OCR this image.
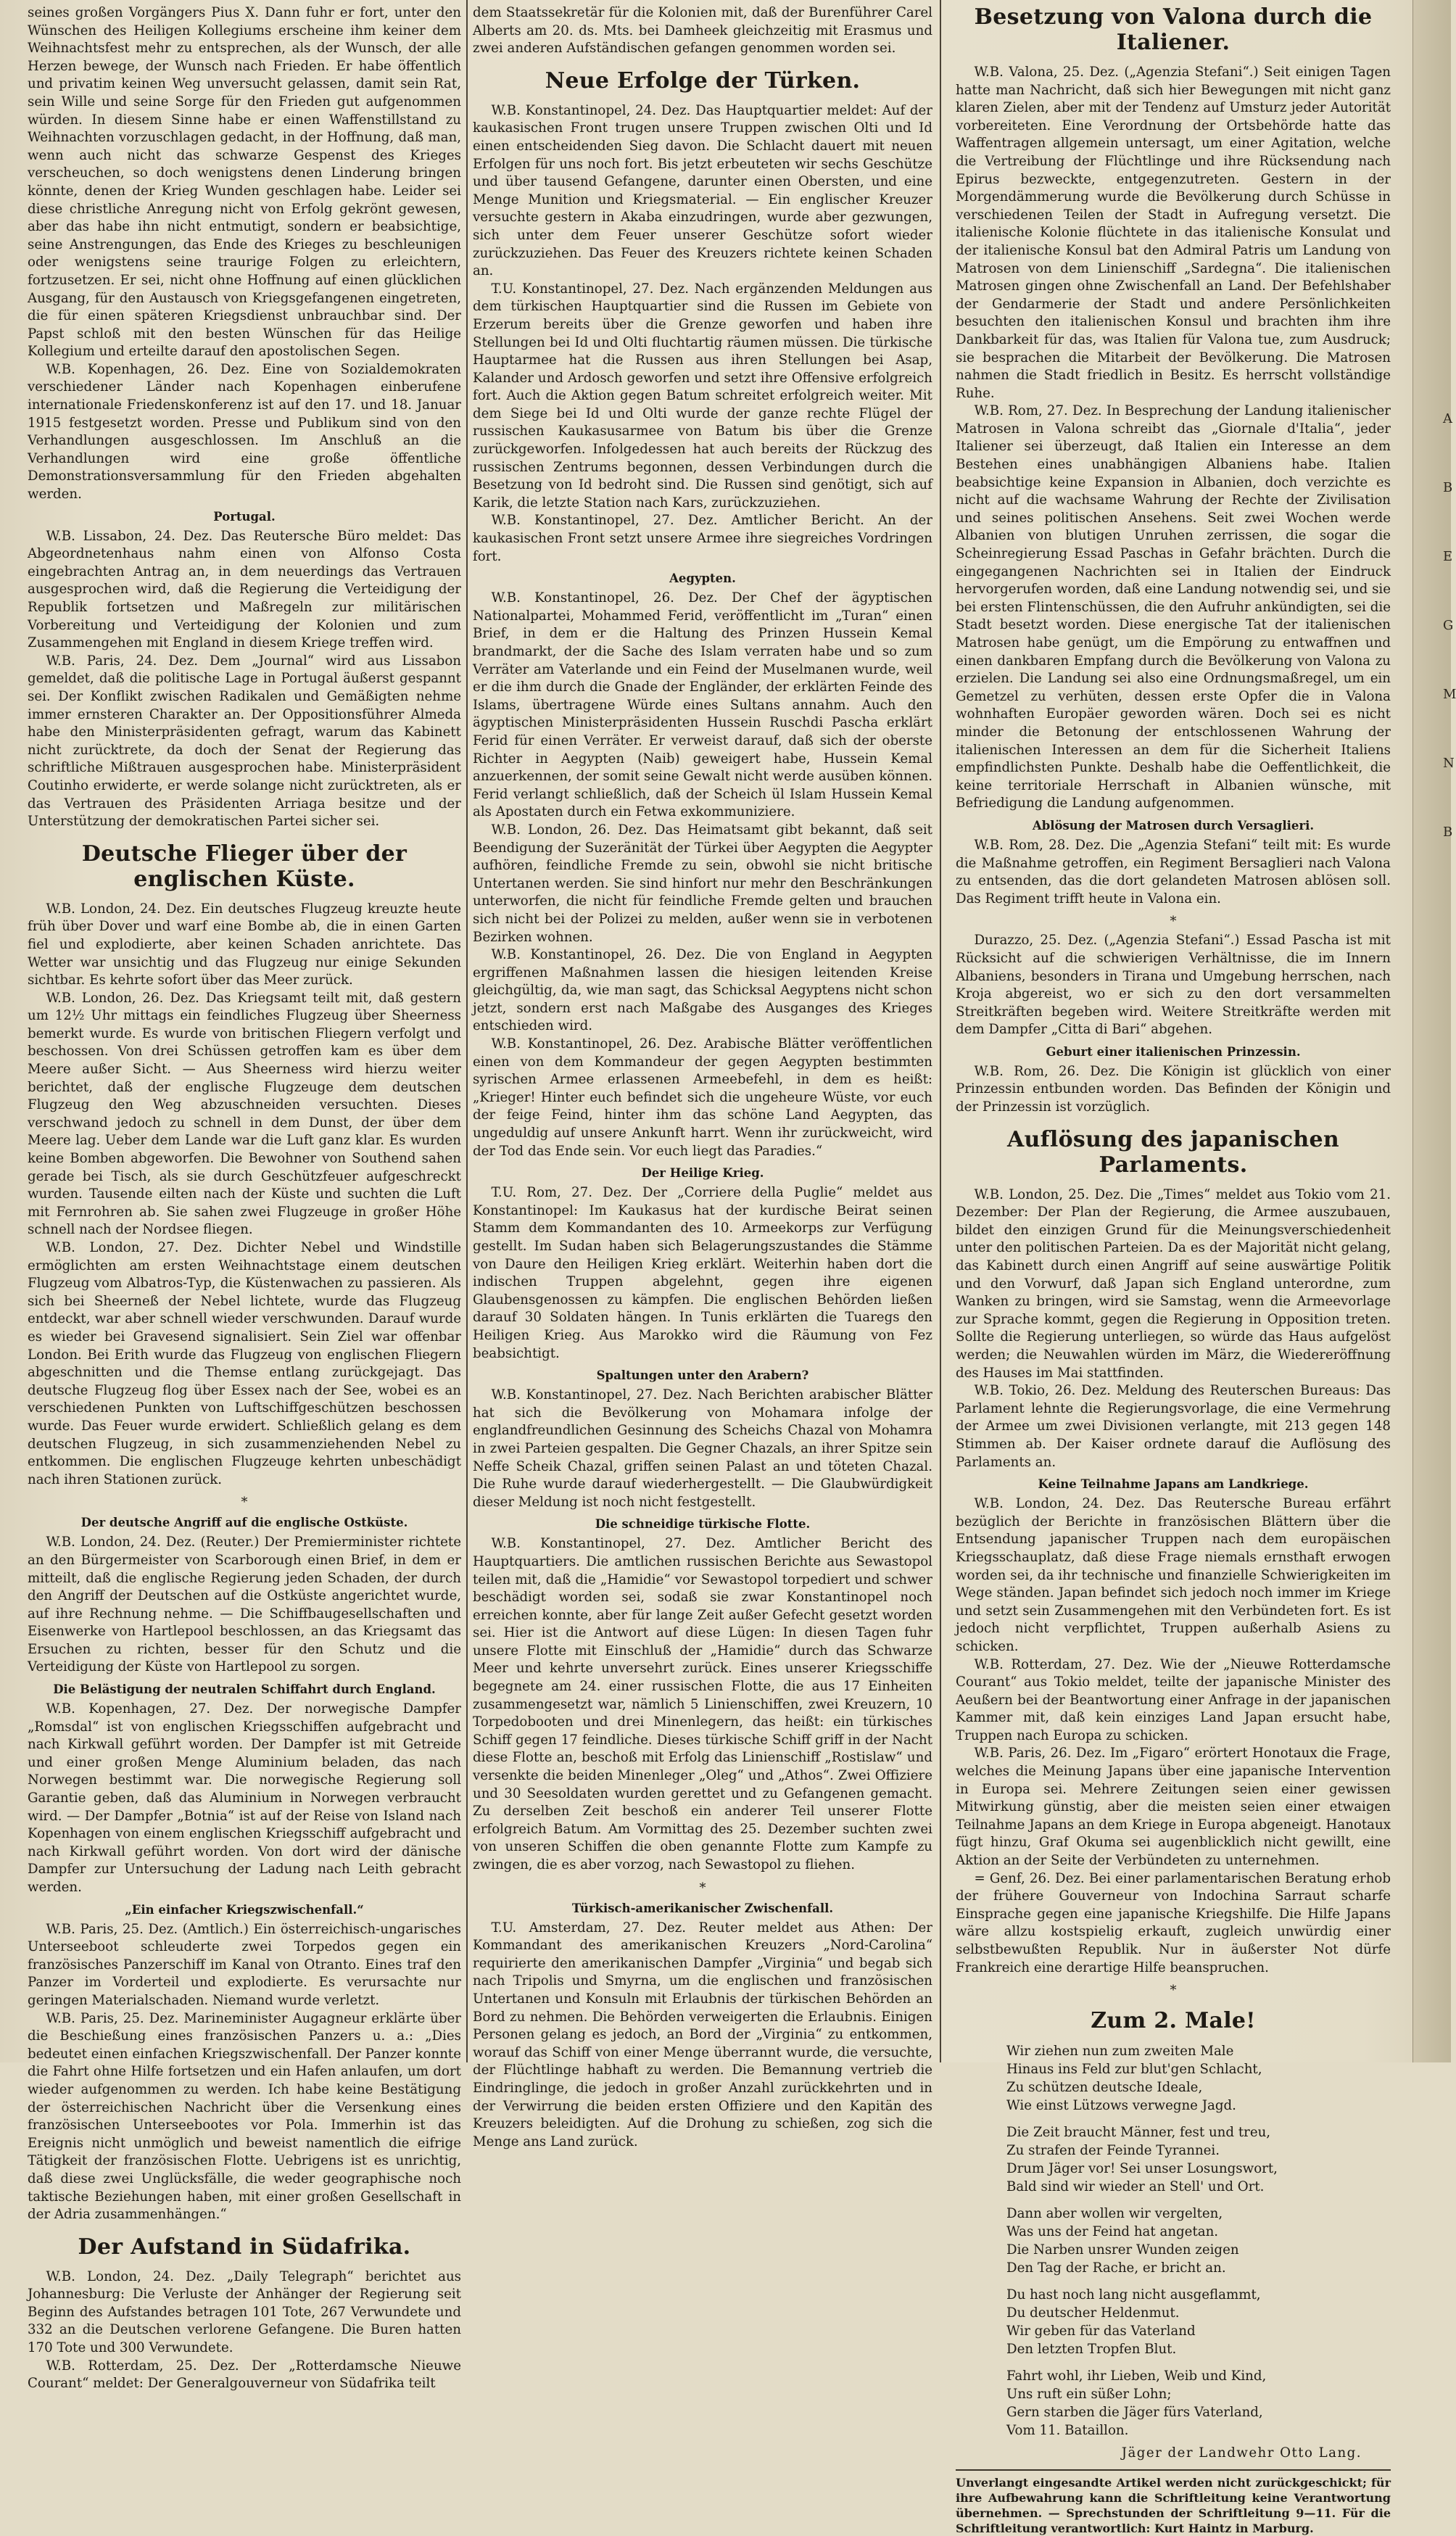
seines großen Vorgängers Pius X. Dann fuhr er fort, unter den Wünschen des Heiligen Kollegiums erscheine ihm keiner dem Weihnachtsfest mehr zu entsprechen, als der Wunsch, der alle Herzen bewege, der Wunsch nach Frieden. Er habe öffentlich und privatim keinen Weg unversucht gelassen, damit sein Rat, sein Wille und seine Sorge für den Frieden gut aufgenommen würden. In diesem Sinne habe er einen Waffenstillstand zu Weihnachten vorzuschlagen gedacht, in der Hoffnung, daß man, wenn auch nicht das schwarze Gespenst des Krieges verscheuchen, so doch wenigstens denen Linderung bringen könnte, denen der Krieg Wunden geschlagen habe. Leider sei diese christliche Anregung nicht von Erfolg gekrönt gewesen, aber das habe ihn nicht entmutigt, sondern er beabsichtige, seine Anstrengungen, das Ende des Krieges zu beschleunigen oder wenigstens seine traurige Folgen zu erleichtern, fortzusetzen. Er sei, nicht ohne Hoffnung auf einen glücklichen Ausgang, für den Austausch von Kriegsgefangenen eingetreten, die für einen späteren Kriegsdienst unbrauchbar sind. Der Papst schloß mit den besten Wünschen für das Heilige Kollegium und erteilte darauf den apostolischen Segen.

W.B. Kopenhagen, 26. Dez. Eine von Sozialdemokraten verschiedener Länder nach Kopenhagen einberufene internationale Friedenskonferenz ist auf den 17. und 18. Januar 1915 festgesetzt worden. Presse und Publikum sind von den Verhandlungen ausgeschlossen. Im Anschluß an die Verhandlungen wird eine große öffentliche Demonstrationsversammlung für den Frieden abgehalten werden.

Portugal.

W.B. Lissabon, 24. Dez. Das Reutersche Büro meldet: Das Abgeordnetenhaus nahm einen von Alfonso Costa eingebrachten Antrag an, in dem neuerdings das Vertrauen ausgesprochen wird, daß die Regierung die Verteidigung der Republik fortsetzen und Maßregeln zur militärischen Vorbereitung und Verteidigung der Kolonien und zum Zusammengehen mit England in diesem Kriege treffen wird.

W.B. Paris, 24. Dez. Dem „Journal“ wird aus Lissabon gemeldet, daß die politische Lage in Portugal äußerst gespannt sei. Der Konflikt zwischen Radikalen und Gemäßigten nehme immer ernsteren Charakter an. Der Oppositionsführer Almeda habe den Ministerpräsidenten gefragt, warum das Kabinett nicht zurücktrete, da doch der Senat der Regierung das schriftliche Mißtrauen ausgesprochen habe. Ministerpräsident Coutinho erwiderte, er werde solange nicht zurücktreten, als er das Vertrauen des Präsidenten Arriaga besitze und der Unterstützung der demokratischen Partei sicher sei.

Deutsche Flieger über der englischen Küste.

W.B. London, 24. Dez. Ein deutsches Flugzeug kreuzte heute früh über Dover und warf eine Bombe ab, die in einen Garten fiel und explodierte, aber keinen Schaden anrichtete. Das Wetter war unsichtig und das Flugzeug nur einige Sekunden sichtbar. Es kehrte sofort über das Meer zurück.

W.B. London, 26. Dez. Das Kriegsamt teilt mit, daß gestern um 12½ Uhr mittags ein feindliches Flugzeug über Sheerness bemerkt wurde. Es wurde von britischen Fliegern verfolgt und beschossen. Von drei Schüssen getroffen kam es über dem Meere außer Sicht. — Aus Sheerness wird hierzu weiter berichtet, daß der englische Flugzeuge dem deutschen Flugzeug den Weg abzuschneiden versuchten. Dieses verschwand jedoch zu schnell in dem Dunst, der über dem Meere lag. Ueber dem Lande war die Luft ganz klar. Es wurden keine Bomben abgeworfen. Die Bewohner von Southend sahen gerade bei Tisch, als sie durch Geschützfeuer aufgeschreckt wurden. Tausende eilten nach der Küste und suchten die Luft mit Fernrohren ab. Sie sahen zwei Flugzeuge in großer Höhe schnell nach der Nordsee fliegen.

W.B. London, 27. Dez. Dichter Nebel und Windstille ermöglichten am ersten Weihnachtstage einem deutschen Flugzeug vom Albatros-Typ, die Küstenwachen zu passieren. Als sich bei Sheerneß der Nebel lichtete, wurde das Flugzeug entdeckt, war aber schnell wieder verschwunden. Darauf wurde es wieder bei Gravesend signalisiert. Sein Ziel war offenbar London. Bei Erith wurde das Flugzeug von englischen Fliegern abgeschnitten und die Themse entlang zurückgejagt. Das deutsche Flugzeug flog über Essex nach der See, wobei es an verschiedenen Punkten von Luftschiffgeschützen beschossen wurde. Das Feuer wurde erwidert. Schließlich gelang es dem deutschen Flugzeug, in sich zusammenziehenden Nebel zu entkommen. Die englischen Flugzeuge kehrten unbeschädigt nach ihren Stationen zurück.

*
Der deutsche Angriff auf die englische Ostküste.

W.B. London, 24. Dez. (Reuter.) Der Premierminister richtete an den Bürgermeister von Scarborough einen Brief, in dem er mitteilt, daß die englische Regierung jeden Schaden, der durch den Angriff der Deutschen auf die Ostküste angerichtet wurde, auf ihre Rechnung nehme. — Die Schiffbaugesellschaften und Eisenwerke von Hartlepool beschlossen, an das Kriegsamt das Ersuchen zu richten, besser für den Schutz und die Verteidigung der Küste von Hartlepool zu sorgen.

Die Belästigung der neutralen Schiffahrt durch England.

W.B. Kopenhagen, 27. Dez. Der norwegische Dampfer „Romsdal“ ist von englischen Kriegsschiffen aufgebracht und nach Kirkwall geführt worden. Der Dampfer ist mit Getreide und einer großen Menge Aluminium beladen, das nach Norwegen bestimmt war. Die norwegische Regierung soll Garantie geben, daß das Aluminium in Norwegen verbraucht wird. — Der Dampfer „Botnia“ ist auf der Reise von Island nach Kopenhagen von einem englischen Kriegsschiff aufgebracht und nach Kirkwall geführt worden. Von dort wird der dänische Dampfer zur Untersuchung der Ladung nach Leith gebracht werden.

„Ein einfacher Kriegszwischenfall.“

W.B. Paris, 25. Dez. (Amtlich.) Ein österreichisch-ungarisches Unterseeboot schleuderte zwei Torpedos gegen ein französisches Panzerschiff im Kanal von Otranto. Eines traf den Panzer im Vorderteil und explodierte. Es verursachte nur geringen Materialschaden. Niemand wurde verletzt.

W.B. Paris, 25. Dez. Marineminister Augagneur erklärte über die Beschießung eines französischen Panzers u. a.: „Dies bedeutet einen einfachen Kriegszwischenfall. Der Panzer konnte die Fahrt ohne Hilfe fortsetzen und ein Hafen anlaufen, um dort wieder aufgenommen zu werden. Ich habe keine Bestätigung der österreichischen Nachricht über die Versenkung eines französischen Unterseebootes vor Pola. Immerhin ist das Ereignis nicht unmöglich und beweist namentlich die eifrige Tätigkeit der französischen Flotte. Uebrigens ist es unrichtig, daß diese zwei Unglücksfälle, die weder geographische noch taktische Beziehungen haben, mit einer großen Gesellschaft in der Adria zusammenhängen.“

Der Aufstand in Südafrika.

W.B. London, 24. Dez. „Daily Telegraph“ berichtet aus Johannesburg: Die Verluste der Anhänger der Regierung seit Beginn des Aufstandes betragen 101 Tote, 267 Verwundete und 332 an die Deutschen verlorene Gefangene. Die Buren hatten 170 Tote und 300 Verwundete.

W.B. Rotterdam, 25. Dez. Der „Rotterdamsche Nieuwe Courant“ meldet: Der Generalgouverneur von Südafrika teilt

dem Staatssekretär für die Kolonien mit, daß der Burenführer Carel Alberts am 20. ds. Mts. bei Damheek gleichzeitig mit Erasmus und zwei anderen Aufständischen gefangen genommen worden sei.

Neue Erfolge der Türken.

W.B. Konstantinopel, 24. Dez. Das Hauptquartier meldet: Auf der kaukasischen Front trugen unsere Truppen zwischen Olti und Id einen entscheidenden Sieg davon. Die Schlacht dauert mit neuen Erfolgen für uns noch fort. Bis jetzt erbeuteten wir sechs Geschütze und über tausend Gefangene, darunter einen Obersten, und eine Menge Munition und Kriegsmaterial. — Ein englischer Kreuzer versuchte gestern in Akaba einzudringen, wurde aber gezwungen, sich unter dem Feuer unserer Geschütze sofort wieder zurückzuziehen. Das Feuer des Kreuzers richtete keinen Schaden an.

T.U. Konstantinopel, 27. Dez. Nach ergänzenden Meldungen aus dem türkischen Hauptquartier sind die Russen im Gebiete von Erzerum bereits über die Grenze geworfen und haben ihre Stellungen bei Id und Olti fluchtartig räumen müssen. Die türkische Hauptarmee hat die Russen aus ihren Stellungen bei Asap, Kalander und Ardosch geworfen und setzt ihre Offensive erfolgreich fort. Auch die Aktion gegen Batum schreitet erfolgreich weiter. Mit dem Siege bei Id und Olti wurde der ganze rechte Flügel der russischen Kaukasusarmee von Batum bis über die Grenze zurückgeworfen. Infolgedessen hat auch bereits der Rückzug des russischen Zentrums begonnen, dessen Verbindungen durch die Besetzung von Id bedroht sind. Die Russen sind genötigt, sich auf Karik, die letzte Station nach Kars, zurückzuziehen.

W.B. Konstantinopel, 27. Dez. Amtlicher Bericht. An der kaukasischen Front setzt unsere Armee ihre siegreiches Vordringen fort.

Aegypten.

W.B. Konstantinopel, 26. Dez. Der Chef der ägyptischen Nationalpartei, Mohammed Ferid, veröffentlicht im „Turan“ einen Brief, in dem er die Haltung des Prinzen Hussein Kemal brandmarkt, der die Sache des Islam verraten habe und so zum Verräter am Vaterlande und ein Feind der Muselmanen wurde, weil er die ihm durch die Gnade der Engländer, der erklärten Feinde des Islams, übertragene Würde eines Sultans annahm. Auch den ägyptischen Ministerpräsidenten Hussein Ruschdi Pascha erklärt Ferid für einen Verräter. Er verweist darauf, daß sich der oberste Richter in Aegypten (Naib) geweigert habe, Hussein Kemal anzuerkennen, der somit seine Gewalt nicht werde ausüben können. Ferid verlangt schließlich, daß der Scheich ül Islam Hussein Kemal als Apostaten durch ein Fetwa exkommuniziere.

W.B. London, 26. Dez. Das Heimatsamt gibt bekannt, daß seit Beendigung der Suzeränität der Türkei über Aegypten die Aegypter aufhören, feindliche Fremde zu sein, obwohl sie nicht britische Untertanen werden. Sie sind hinfort nur mehr den Beschränkungen unterworfen, die nicht für feindliche Fremde gelten und brauchen sich nicht bei der Polizei zu melden, außer wenn sie in verbotenen Bezirken wohnen.

W.B. Konstantinopel, 26. Dez. Die von England in Aegypten ergriffenen Maßnahmen lassen die hiesigen leitenden Kreise gleichgültig, da, wie man sagt, das Schicksal Aegyptens nicht schon jetzt, sondern erst nach Maßgabe des Ausganges des Krieges entschieden wird.

W.B. Konstantinopel, 26. Dez. Arabische Blätter veröffentlichen einen von dem Kommandeur der gegen Aegypten bestimmten syrischen Armee erlassenen Armeebefehl, in dem es heißt: „Krieger! Hinter euch befindet sich die ungeheure Wüste, vor euch der feige Feind, hinter ihm das schöne Land Aegypten, das ungeduldig auf unsere Ankunft harrt. Wenn ihr zurückweicht, wird der Tod das Ende sein. Vor euch liegt das Paradies.“

Der Heilige Krieg.

T.U. Rom, 27. Dez. Der „Corriere della Puglie“ meldet aus Konstantinopel: Im Kaukasus hat der kurdische Beirat seinen Stamm dem Kommandanten des 10. Armeekorps zur Verfügung gestellt. Im Sudan haben sich Belagerungszustandes die Stämme von Daure den Heiligen Krieg erklärt. Weiterhin haben dort die indischen Truppen abgelehnt, gegen ihre eigenen Glaubensgenossen zu kämpfen. Die englischen Behörden ließen darauf 30 Soldaten hängen. In Tunis erklärten die Tuaregs den Heiligen Krieg. Aus Marokko wird die Räumung von Fez beabsichtigt.

Spaltungen unter den Arabern?

W.B. Konstantinopel, 27. Dez. Nach Berichten arabischer Blätter hat sich die Bevölkerung von Mohamara infolge der englandfreundlichen Gesinnung des Scheichs Chazal von Mohamra in zwei Parteien gespalten. Die Gegner Chazals, an ihrer Spitze sein Neffe Scheik Chazal, griffen seinen Palast an und töteten Chazal. Die Ruhe wurde darauf wiederhergestellt. — Die Glaubwürdigkeit dieser Meldung ist noch nicht festgestellt.

Die schneidige türkische Flotte.

W.B. Konstantinopel, 27. Dez. Amtlicher Bericht des Hauptquartiers. Die amtlichen russischen Berichte aus Sewastopol teilen mit, daß die „Hamidie“ vor Sewastopol torpediert und schwer beschädigt worden sei, sodaß sie zwar Konstantinopel noch erreichen konnte, aber für lange Zeit außer Gefecht gesetzt worden sei. Hier ist die Antwort auf diese Lügen: In diesen Tagen fuhr unsere Flotte mit Einschluß der „Hamidie“ durch das Schwarze Meer und kehrte unversehrt zurück. Eines unserer Kriegsschiffe begegnete am 24. einer russischen Flotte, die aus 17 Einheiten zusammengesetzt war, nämlich 5 Linienschiffen, zwei Kreuzern, 10 Torpedobooten und drei Minenlegern, das heißt: ein türkisches Schiff gegen 17 feindliche. Dieses türkische Schiff griff in der Nacht diese Flotte an, beschoß mit Erfolg das Linienschiff „Rostislaw“ und versenkte die beiden Minenleger „Oleg“ und „Athos“. Zwei Offiziere und 30 Seesoldaten wurden gerettet und zu Gefangenen gemacht. Zu derselben Zeit beschoß ein anderer Teil unserer Flotte erfolgreich Batum. Am Vormittag des 25. Dezember suchten zwei von unseren Schiffen die oben genannte Flotte zum Kampfe zu zwingen, die es aber vorzog, nach Sewastopol zu fliehen.

*
Türkisch-amerikanischer Zwischenfall.

T.U. Amsterdam, 27. Dez. Reuter meldet aus Athen: Der Kommandant des amerikanischen Kreuzers „Nord-Carolina“ requirierte den amerikanischen Dampfer „Virginia“ und begab sich nach Tripolis und Smyrna, um die englischen und französischen Untertanen und Konsuln mit Erlaubnis der türkischen Behörden an Bord zu nehmen. Die Behörden verweigerten die Erlaubnis. Einigen Personen gelang es jedoch, an Bord der „Virginia“ zu entkommen, worauf das Schiff von einer Menge überrannt wurde, die versuchte, der Flüchtlinge habhaft zu werden. Die Bemannung vertrieb die Eindringlinge, die jedoch in großer Anzahl zurückkehrten und in der Verwirrung die beiden ersten Offiziere und den Kapitän des Kreuzers beleidigten. Auf die Drohung zu schießen, zog sich die Menge ans Land zurück.

Besetzung von Valona durch die Italiener.

W.B. Valona, 25. Dez. („Agenzia Stefani“.) Seit einigen Tagen hatte man Nachricht, daß sich hier Bewegungen mit nicht ganz klaren Zielen, aber mit der Tendenz auf Umsturz jeder Autorität vorbereiteten. Eine Verordnung der Ortsbehörde hatte das Waffentragen allgemein untersagt, um einer Agitation, welche die Vertreibung der Flüchtlinge und ihre Rücksendung nach Epirus bezweckte, entgegenzutreten. Gestern in der Morgendämmerung wurde die Bevölkerung durch Schüsse in verschiedenen Teilen der Stadt in Aufregung versetzt. Die italienische Kolonie flüchtete in das italienische Konsulat und der italienische Konsul bat den Admiral Patris um Landung von Matrosen von dem Linienschiff „Sardegna“. Die italienischen Matrosen gingen ohne Zwischenfall an Land. Der Befehlshaber der Gendarmerie der Stadt und andere Persönlichkeiten besuchten den italienischen Konsul und brachten ihm ihre Dankbarkeit für das, was Italien für Valona tue, zum Ausdruck; sie besprachen die Mitarbeit der Bevölkerung. Die Matrosen nahmen die Stadt friedlich in Besitz. Es herrscht vollständige Ruhe.

W.B. Rom, 27. Dez. In Besprechung der Landung italienischer Matrosen in Valona schreibt das „Giornale d'Italia“, jeder Italiener sei überzeugt, daß Italien ein Interesse an dem Bestehen eines unabhängigen Albaniens habe. Italien beabsichtige keine Expansion in Albanien, doch verzichte es nicht auf die wachsame Wahrung der Rechte der Zivilisation und seines politischen Ansehens. Seit zwei Wochen werde Albanien von blutigen Unruhen zerrissen, die sogar die Scheinregierung Essad Paschas in Gefahr brächten. Durch die eingegangenen Nachrichten sei in Italien der Eindruck hervorgerufen worden, daß eine Landung notwendig sei, und sie bei ersten Flintenschüssen, die den Aufruhr ankündigten, sei die Stadt besetzt worden. Diese energische Tat der italienischen Matrosen habe genügt, um die Empörung zu entwaffnen und einen dankbaren Empfang durch die Bevölkerung von Valona zu erzielen. Die Landung sei also eine Ordnungsmaßregel, um ein Gemetzel zu verhüten, dessen erste Opfer die in Valona wohnhaften Europäer geworden wären. Doch sei es nicht minder die Betonung der entschlossenen Wahrung der italienischen Interessen an dem für die Sicherheit Italiens empfindlichsten Punkte. Deshalb habe die Oeffentlichkeit, die keine territoriale Herrschaft in Albanien wünsche, mit Befriedigung die Landung aufgenommen.

Ablösung der Matrosen durch Versaglieri.

W.B. Rom, 28. Dez. Die „Agenzia Stefani“ teilt mit: Es wurde die Maßnahme getroffen, ein Regiment Bersaglieri nach Valona zu entsenden, das die dort gelandeten Matrosen ablösen soll. Das Regiment trifft heute in Valona ein.

*

Durazzo, 25. Dez. („Agenzia Stefani“.) Essad Pascha ist mit Rücksicht auf die schwierigen Verhältnisse, die im Innern Albaniens, besonders in Tirana und Umgebung herrschen, nach Kroja abgereist, wo er sich zu den dort versammelten Streitkräften begeben wird. Weitere Streitkräfte werden mit dem Dampfer „Citta di Bari“ abgehen.

Geburt einer italienischen Prinzessin.

W.B. Rom, 26. Dez. Die Königin ist glücklich von einer Prinzessin entbunden worden. Das Befinden der Königin und der Prinzessin ist vorzüglich.

Auflösung des japanischen Parlaments.

W.B. London, 25. Dez. Die „Times“ meldet aus Tokio vom 21. Dezember: Der Plan der Regierung, die Armee auszubauen, bildet den einzigen Grund für die Meinungsverschiedenheit unter den politischen Parteien. Da es der Majorität nicht gelang, das Kabinett durch einen Angriff auf seine auswärtige Politik und den Vorwurf, daß Japan sich England unterordne, zum Wanken zu bringen, wird sie Samstag, wenn die Armeevorlage zur Sprache kommt, gegen die Regierung in Opposition treten. Sollte die Regierung unterliegen, so würde das Haus aufgelöst werden; die Neuwahlen würden im März, die Wiedereröffnung des Hauses im Mai stattfinden.

W.B. Tokio, 26. Dez. Meldung des Reuterschen Bureaus: Das Parlament lehnte die Regierungsvorlage, die eine Vermehrung der Armee um zwei Divisionen verlangte, mit 213 gegen 148 Stimmen ab. Der Kaiser ordnete darauf die Auflösung des Parlaments an.

Keine Teilnahme Japans am Landkriege.

W.B. London, 24. Dez. Das Reutersche Bureau erfährt bezüglich der Berichte in französischen Blättern über die Entsendung japanischer Truppen nach dem europäischen Kriegsschauplatz, daß diese Frage niemals ernsthaft erwogen worden sei, da ihr technische und finanzielle Schwierigkeiten im Wege ständen. Japan befindet sich jedoch noch immer im Kriege und setzt sein Zusammengehen mit den Verbündeten fort. Es ist jedoch nicht verpflichtet, Truppen außerhalb Asiens zu schicken.

W.B. Rotterdam, 27. Dez. Wie der „Nieuwe Rotterdamsche Courant“ aus Tokio meldet, teilte der japanische Minister des Aeußern bei der Beantwortung einer Anfrage in der japanischen Kammer mit, daß kein einziges Land Japan ersucht habe, Truppen nach Europa zu schicken.

W.B. Paris, 26. Dez. Im „Figaro“ erörtert Honotaux die Frage, welches die Meinung Japans über eine japanische Intervention in Europa sei. Mehrere Zeitungen seien einer gewissen Mitwirkung günstig, aber die meisten seien einer etwaigen Teilnahme Japans an dem Kriege in Europa abgeneigt. Hanotaux fügt hinzu, Graf Okuma sei augenblicklich nicht gewillt, eine Aktion an der Seite der Verbündeten zu unternehmen.

= Genf, 26. Dez. Bei einer parlamentarischen Beratung erhob der frühere Gouverneur von Indochina Sarraut scharfe Einsprache gegen eine japanische Kriegshilfe. Die Hilfe Japans wäre allzu kostspielig erkauft, zugleich unwürdig einer selbstbewußten Republik. Nur in äußerster Not dürfe Frankreich eine derartige Hilfe beanspruchen.

*
Zum 2. Male!
Wir ziehen nun zum zweiten Male
Hinaus ins Feld zur blut'gen Schlacht,
Zu schützen deutsche Ideale,
Wie einst Lützows verwegne Jagd.
Die Zeit braucht Männer, fest und treu,
Zu strafen der Feinde Tyrannei.
Drum Jäger vor! Sei unser Losungswort,
Bald sind wir wieder an Stell' und Ort.
Dann aber wollen wir vergelten,
Was uns der Feind hat angetan.
Die Narben unsrer Wunden zeigen
Den Tag der Rache, er bricht an.
Du hast noch lang nicht ausgeflammt,
Du deutscher Heldenmut.
Wir geben für das Vaterland
Den letzten Tropfen Blut.
Fahrt wohl, ihr Lieben, Weib und Kind,
Uns ruft ein süßer Lohn;
Gern starben die Jäger fürs Vaterland,
Vom 11. Bataillon.
Jäger der Landwehr Otto Lang.
Unverlangt eingesandte Artikel werden nicht zurückgeschickt; für ihre Aufbewahrung kann die Schriftleitung keine Verantwortung übernehmen. — Sprechstunden der Schriftleitung 9—11. Für die Schriftleitung verantwortlich: Kurt Haintz in Marburg.
A
B
E
G
M
N
B
